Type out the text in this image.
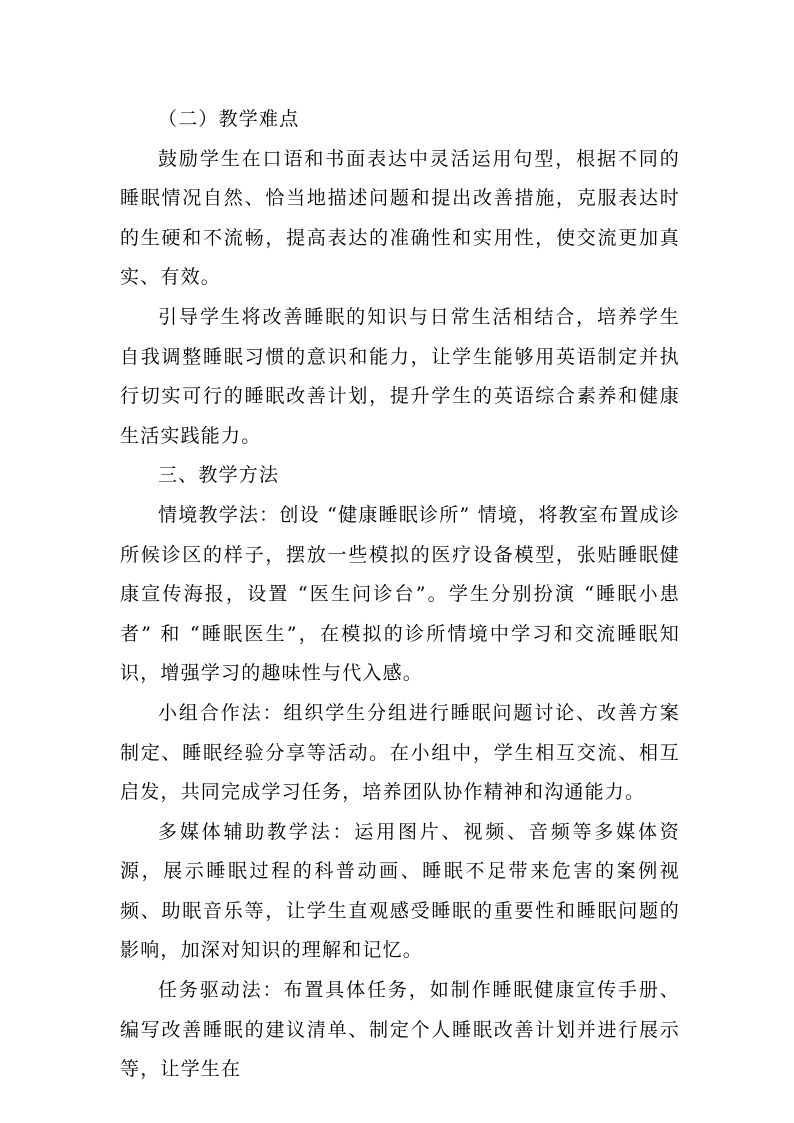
（二）教学难点

鼓励学生在口语和书面表达中灵活运用句型，根据不同的睡眠情况自然、恰当地描述问题和提出改善措施，克服表达时的生硬和不流畅，提高表达的准确性和实用性，使交流更加真实、有效。

引导学生将改善睡眠的知识与日常生活相结合，培养学生自我调整睡眠习惯的意识和能力，让学生能够用英语制定并执行切实可行的睡眠改善计划，提升学生的英语综合素养和健康生活实践能力。

三、教学方法

情境教学法：创设 “健康睡眠诊所” 情境，将教室布置成诊所候诊区的样子，摆放一些模拟的医疗设备模型，张贴睡眠健康宣传海报，设置 “医生问诊台”。学生分别扮演 “睡眠小患者” 和 “睡眠医生”，在模拟的诊所情境中学习和交流睡眠知识，增强学习的趣味性与代入感。

小组合作法：组织学生分组进行睡眠问题讨论、改善方案制定、睡眠经验分享等活动。在小组中，学生相互交流、相互启发，共同完成学习任务，培养团队协作精神和沟通能力。

多媒体辅助教学法：运用图片、视频、音频等多媒体资源，展示睡眠过程的科普动画、睡眠不足带来危害的案例视频、助眠音乐等，让学生直观感受睡眠的重要性和睡眠问题的影响，加深对知识的理解和记忆。

任务驱动法：布置具体任务，如制作睡眠健康宣传手册、编写改善睡眠的建议清单、制定个人睡眠改善计划并进行展示等，让学生在
